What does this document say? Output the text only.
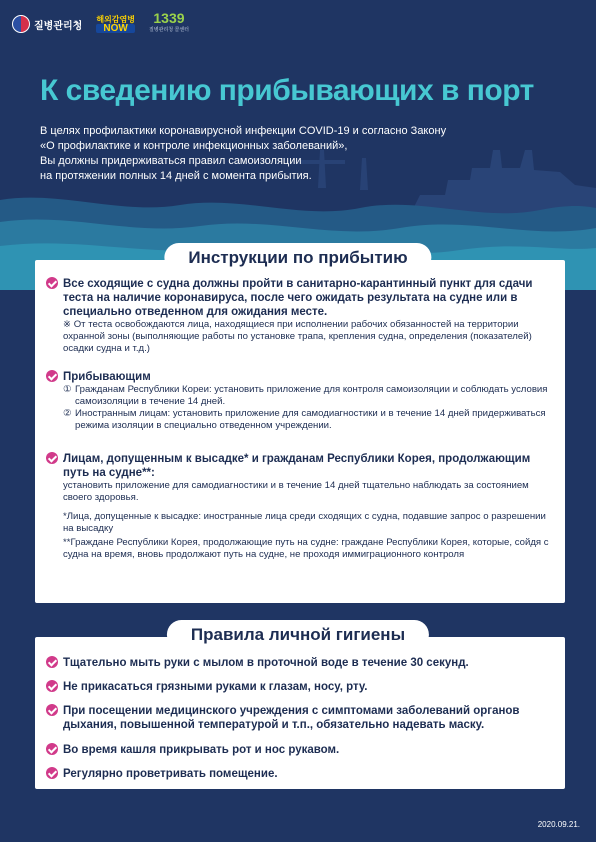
질병관리청
해외감염병
NOW
1339
질병관리청 콜센터
К сведению прибывающих в порт

В целях профилактики коронавирусной инфекции COVID-19 и согласно Закону

«О профилактике и контроле инфекционных заболеваний»,

Вы должны придерживаться правил самоизоляции

на протяжении полных 14 дней с момента прибытия.

Инструкции по прибытию
Все сходящие с судна должны пройти в санитарно-карантинный пункт для сдачи теста на наличие коронавируса, после чего ожидать результата на судне или в специально отведенном для ожидания месте.
※ От теста освобождаются лица, находящиеся при исполнении рабочих обязанностей на территории охранной зоны (выполняющие работы по установке трапа, крепления судна, определения (показателей) осадки судна и т.д.)
Прибывающим
① Гражданам Республики Кореи: установить приложение для контроля самоизоляции и соблюдать условия самоизоляции в течение 14 дней.
② Иностранным лицам: установить приложение для самодиагностики и в течение 14 дней придерживаться режима изоляции в специально отведенном учреждении.
Лицам, допущенным к высадке* и гражданам Республики Корея, продолжающим путь на судне**:
установить приложение для самодиагностики и в течение 14 дней тщательно наблюдать за состоянием своего здоровья.
*Лица, допущенные к высадке: иностранные лица среди сходящих с судна, подавшие запрос о разрешении на высадку
**Граждане Республики Корея, продолжающие путь на судне: граждане Республики Корея, которые, сойдя с судна на время, вновь продолжают путь на судне, не проходя иммиграционного контроля
Правила личной гигиены
Тщательно мыть руки с мылом в проточной воде в течение 30 секунд.
Не прикасаться грязными руками к глазам, носу, рту.
При посещении медицинского учреждения с симптомами заболеваний органов дыхания, повышенной температурой и т.п., обязательно надевать маску.
Во время кашля прикрывать рот и нос рукавом.
Регулярно проветривать помещение.
2020.09.21.
